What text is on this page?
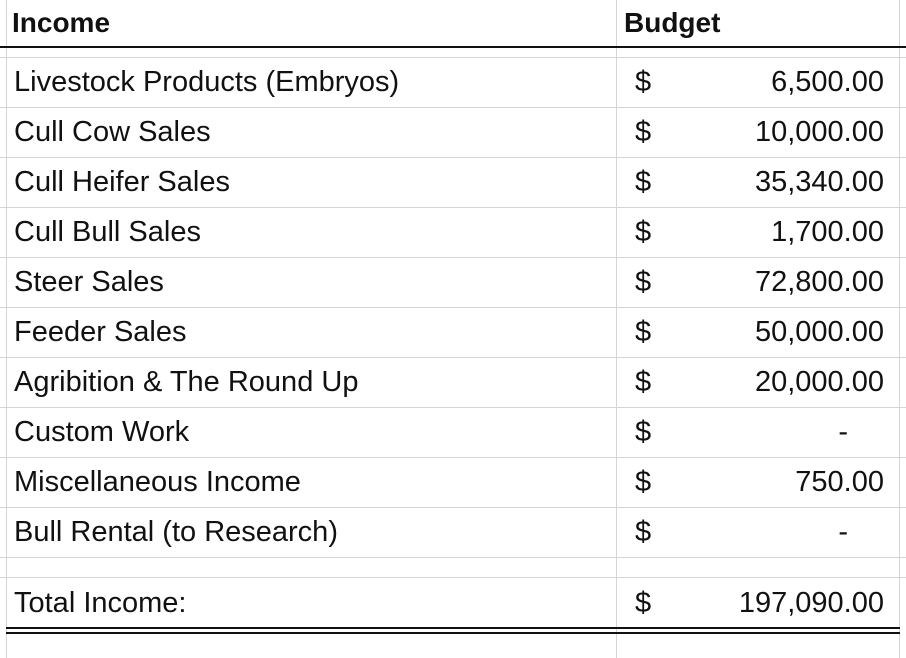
Income	Budget
Livestock Products (Embryos)	$	6,500.00
Cull Cow Sales	$	10,000.00
Cull Heifer Sales	$	35,340.00
Cull Bull Sales	$	1,700.00
Steer Sales	$	72,800.00
Feeder Sales	$	50,000.00
Agribition & The Round Up	$	20,000.00
Custom Work	$	-
Miscellaneous Income	$	750.00
Bull Rental (to Research)	$	-
Total Income:	$	197,090.00
